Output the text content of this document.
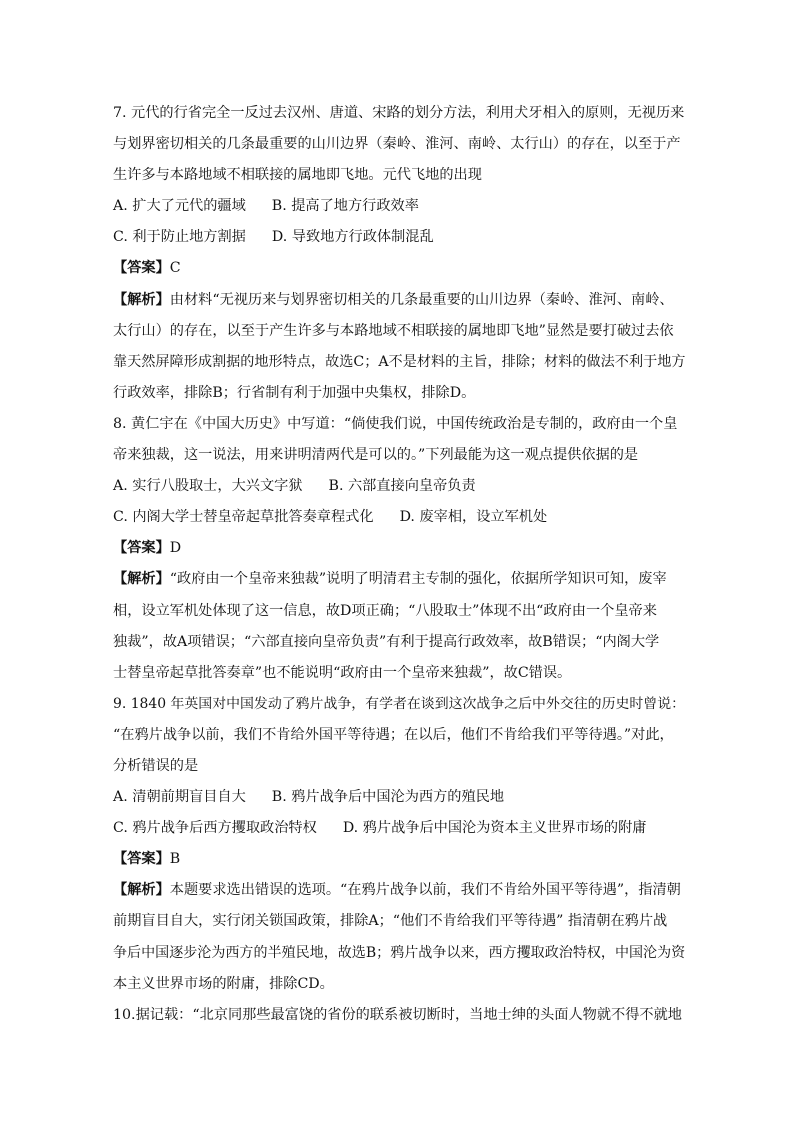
7. 元代的行省完全一反过去汉州、唐道、宋路的划分方法，利用犬牙相入的原则，无视历来
与划界密切相关的几条最重要的山川边界（秦岭、淮河、南岭、太行山）的存在，以至于产
生许多与本路地域不相联接的属地即飞地。元代飞地的出现
A. 扩大了元代的疆域 B. 提高了地方行政效率
C. 利于防止地方割据 D. 导致地方行政体制混乱
【答案】C
【解析】由材料“无视历来与划界密切相关的几条最重要的山川边界（秦岭、淮河、南岭、
太行山）的存在，以至于产生许多与本路地域不相联接的属地即飞地”显然是要打破过去依
靠天然屏障形成割据的地形特点，故选C；A不是材料的主旨，排除；材料的做法不利于地方
行政效率，排除B；行省制有利于加强中央集权，排除D。
8. 黄仁宇在《中国大历史》中写道：“倘使我们说，中国传统政治是专制的，政府由一个皇
帝来独裁，这一说法，用来讲明清两代是可以的。”下列最能为这一观点提供依据的是
A. 实行八股取士，大兴文字狱 B. 六部直接向皇帝负责
C. 内阁大学士替皇帝起草批答奏章程式化 D. 废宰相，设立军机处
【答案】D
【解析】“政府由一个皇帝来独裁”说明了明清君主专制的强化，依据所学知识可知，废宰
相，设立军机处体现了这一信息，故D项正确；“八股取士”体现不出“政府由一个皇帝来
独裁”，故A项错误；“六部直接向皇帝负责”有利于提高行政效率，故B错误；“内阁大学
士替皇帝起草批答奏章”也不能说明“政府由一个皇帝来独裁”，故C错误。
9. 1840 年英国对中国发动了鸦片战争，有学者在谈到这次战争之后中外交往的历史时曾说：
“在鸦片战争以前，我们不肯给外国平等待遇；在以后，他们不肯给我们平等待遇。”对此，
分析错误的是
A. 清朝前期盲目自大 B. 鸦片战争后中国沦为西方的殖民地
C. 鸦片战争后西方攫取政治特权 D. 鸦片战争后中国沦为资本主义世界市场的附庸
【答案】B
【解析】本题要求选出错误的选项。“在鸦片战争以前，我们不肯给外国平等待遇”，指清朝
前期盲目自大，实行闭关锁国政策，排除A；“他们不肯给我们平等待遇” 指清朝在鸦片战
争后中国逐步沦为西方的半殖民地，故选B；鸦片战争以来，西方攫取政治特权，中国沦为资
本主义世界市场的附庸，排除CD。
10.据记载：“北京同那些最富饶的省份的联系被切断时，当地士绅的头面人物就不得不就地
